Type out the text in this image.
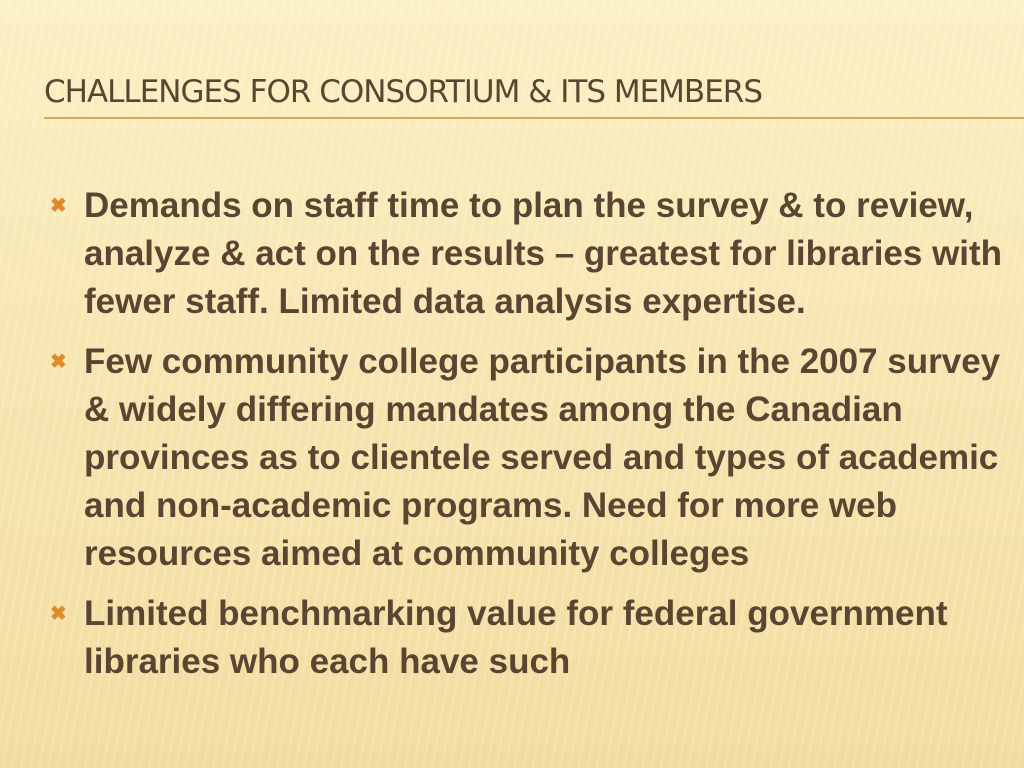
CHALLENGES FOR CONSORTIUM & ITS MEMBERS
✖ Demands on staff time to plan the survey & to review, analyze & act on the results – greatest for libraries with fewer staff. Limited data analysis expertise.
✖ Few community college participants in the 2007 survey & widely differing mandates among the Canadian provinces as to clientele served and types of academic and non-academic programs. Need for more web resources aimed at community colleges
✖ Limited benchmarking value for federal government libraries who each have such
